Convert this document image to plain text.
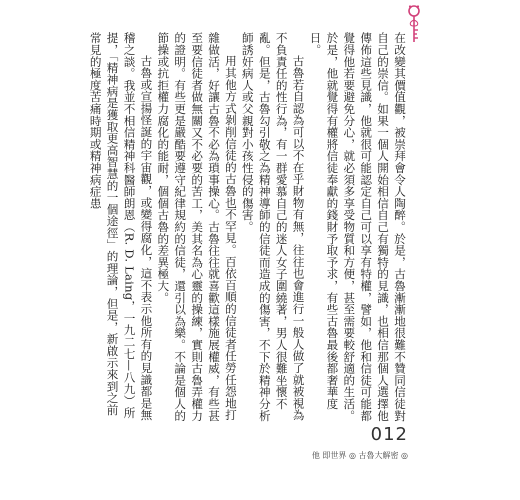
在改變其價值觀，被崇拜會令人陶醉。於是，古魯漸漸地很難不贊同信徒對自己的崇信。如果一個人開始相信自己有獨特的見識，也相信那個人選擇他傳佈這些見識，他就很可能認定自己可以享有特權，譬如，他和信徒可能都覺得他若要避免分心，就必須多享受物質和方便，甚至需要較舒適的生活。於是，他就覺得有權將信徒奉獻的錢財予取予求，有些古魯最後都奢華度日。

古魯若自認為可以不在乎財物有無，往往也會進行一般人做了就被視為不負責任的性行為，有一群愛慕自己的迷人女子圍繞著，男人很難坐懷不亂。但是，古魯勾引敬之為精神導師的信徒而造成的傷害，不下於精神分析師誘奸病人或父親對小孩性侵的傷害。

用其他方式剝削信徒的古魯也不罕見。百依百順的信徒者任勞任怨地打雜做活，好讓古魯不必為瑣事操心。古魯往往就喜歡這樣施展權威，有些甚至要信徒者做無關又不必要的苦工，美其名為心靈的操練，實則古魯弄權力的證明。有些更是嚴酷要遵守紀律規約的信徒，還引以為樂。不論是個人的節操或抗拒權力腐化的能耐，個個古魯的差異極大。

古魯或宣揚怪誕的宇宙觀，或變得腐化，這不表示他所有的見識都是無稽之談。我並不相信精神科醫師朗恩（R. D. Laing，一九二七—八九）所提，「精神病是獲取更高智慧的一個途徑」的理論，但是，新啟示來到之前常見的極度苦痛時期或精神病症患

012
他 即世界 ◎ 古魯大解密 ◎
